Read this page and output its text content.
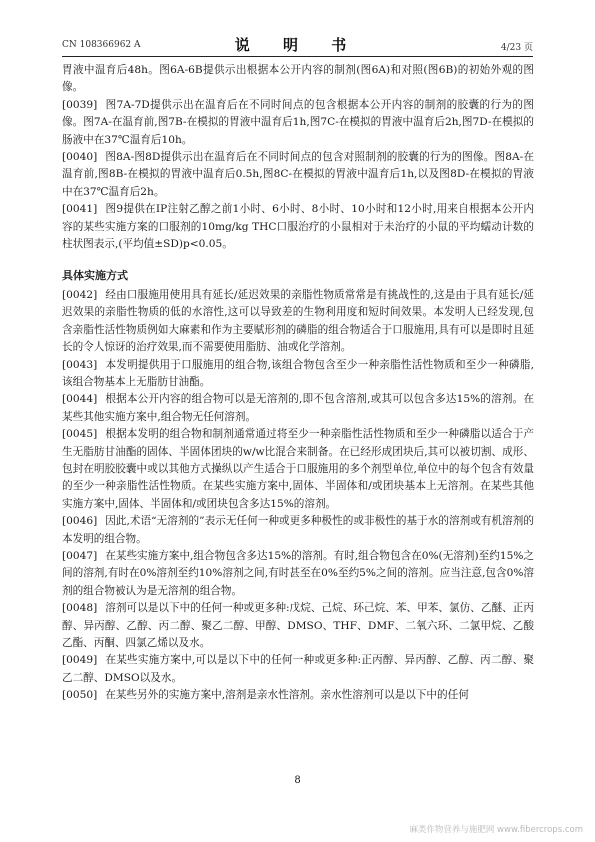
CN 108366962 A	说 明 书	4/23 页

胃液中温育后48h。图6A-6B提供示出根据本公开内容的制剂(图6A)和对照(图6B)的初始外观的图像。

[0039] 图7A-7D提供示出在温育后在不同时间点的包含根据本公开内容的制剂的胶囊的行为的图像。图7A-在温育前,图7B-在模拟的胃液中温育后1h,图7C-在模拟的胃液中温育后2h,图7D-在模拟的肠液中在37℃温育后10h。

[0040] 图8A-图8D提供示出在温育后在不同时间点的包含对照制剂的胶囊的行为的图像。图8A-在温育前,图8B-在模拟的胃液中温育后0.5h,图8C-在模拟的胃液中温育后1h,以及图8D-在模拟的胃液中在37℃温育后2h。

[0041] 图9提供在IP注射乙醇之前1小时、6小时、8小时、10小时和12小时,用来自根据本公开内容的某些实施方案的口服剂的10mg/kg THC口服治疗的小鼠相对于未治疗的小鼠的平均蠕动计数的柱状图表示,(平均值±SD)p<0.05。

具体实施方式

[0042] 经由口服施用使用具有延长/延迟效果的亲脂性物质常常是有挑战性的,这是由于具有延长/延迟效果的亲脂性物质的低的水溶性,这可以导致差的生物利用度和短时间效果。本发明人已经发现,包含亲脂性活性物质例如大麻素和作为主要赋形剂的磷脂的组合物适合于口服施用,具有可以是即时且延长的令人惊讶的治疗效果,而不需要使用脂肪、油或化学溶剂。

[0043] 本发明提供用于口服施用的组合物,该组合物包含至少一种亲脂性活性物质和至少一种磷脂,该组合物基本上无脂肪甘油酯。

[0044] 根据本公开内容的组合物可以是无溶剂的,即不包含溶剂,或其可以包含多达15%的溶剂。在某些其他实施方案中,组合物无任何溶剂。

[0045] 根据本发明的组合物和制剂通常通过将至少一种亲脂性活性物质和至少一种磷脂以适合于产生无脂肪甘油酯的固体、半固体团块的w/w比混合来制备。在已经形成团块后,其可以被切割、成形、包封在明胶胶囊中或以其他方式操纵以产生适合于口服施用的多个剂型单位,单位中的每个包含有效量的至少一种亲脂性活性物质。在某些实施方案中,固体、半固体和/或团块基本上无溶剂。在某些其他实施方案中,固体、半固体和/或团块包含多达15%的溶剂。

[0046] 因此,术语“无溶剂的”表示无任何一种或更多种极性的或非极性的基于水的溶剂或有机溶剂的本发明的组合物。

[0047] 在某些实施方案中,组合物包含多达15%的溶剂。有时,组合物包含在0%(无溶剂)至约15%之间的溶剂,有时在0%溶剂至约10%溶剂之间,有时甚至在0%至约5%之间的溶剂。应当注意,包含0%溶剂的组合物被认为是无溶剂的组合物。

[0048] 溶剂可以是以下中的任何一种或更多种:戊烷、己烷、环己烷、苯、甲苯、氯仿、乙醚、正丙醇、异丙醇、乙醇、丙二醇、聚乙二醇、甲醇、DMSO、THF、DMF、二氧六环、二氯甲烷、乙酸乙酯、丙酮、四氯乙烯以及水。

[0049] 在某些实施方案中,可以是以下中的任何一种或更多种:正丙醇、异丙醇、乙醇、丙二醇、聚乙二醇、DMSO以及水。

[0050] 在某些另外的实施方案中,溶剂是亲水性溶剂。亲水性溶剂可以是以下中的任何

8
麻类作物营养与施肥网 www.fibercrops.com
